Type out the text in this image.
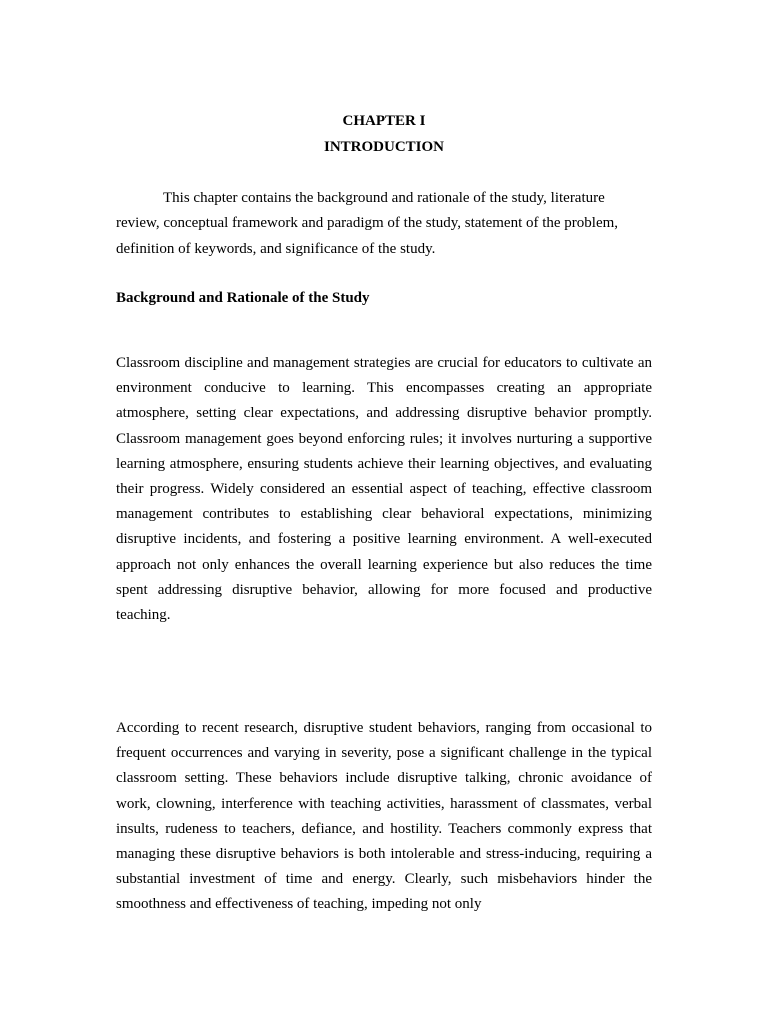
CHAPTER I
INTRODUCTION

This chapter contains the background and rationale of the study, literature review, conceptual framework and paradigm of the study, statement of the problem, definition of keywords, and significance of the study.

Background and Rationale of the Study

Classroom discipline and management strategies are crucial for educators to cultivate an environment conducive to learning. This encompasses creating an appropriate atmosphere, setting clear expectations, and addressing disruptive behavior promptly. Classroom management goes beyond enforcing rules; it involves nurturing a supportive learning atmosphere, ensuring students achieve their learning objectives, and evaluating their progress. Widely considered an essential aspect of teaching, effective classroom management contributes to establishing clear behavioral expectations, minimizing disruptive incidents, and fostering a positive learning environment. A well-executed approach not only enhances the overall learning experience but also reduces the time spent addressing disruptive behavior, allowing for more focused and productive teaching.

According to recent research, disruptive student behaviors, ranging from occasional to frequent occurrences and varying in severity, pose a significant challenge in the typical classroom setting. These behaviors include disruptive talking, chronic avoidance of work, clowning, interference with teaching activities, harassment of classmates, verbal insults, rudeness to teachers, defiance, and hostility. Teachers commonly express that managing these disruptive behaviors is both intolerable and stress-inducing, requiring a substantial investment of time and energy. Clearly, such misbehaviors hinder the smoothness and effectiveness of teaching, impeding not only
